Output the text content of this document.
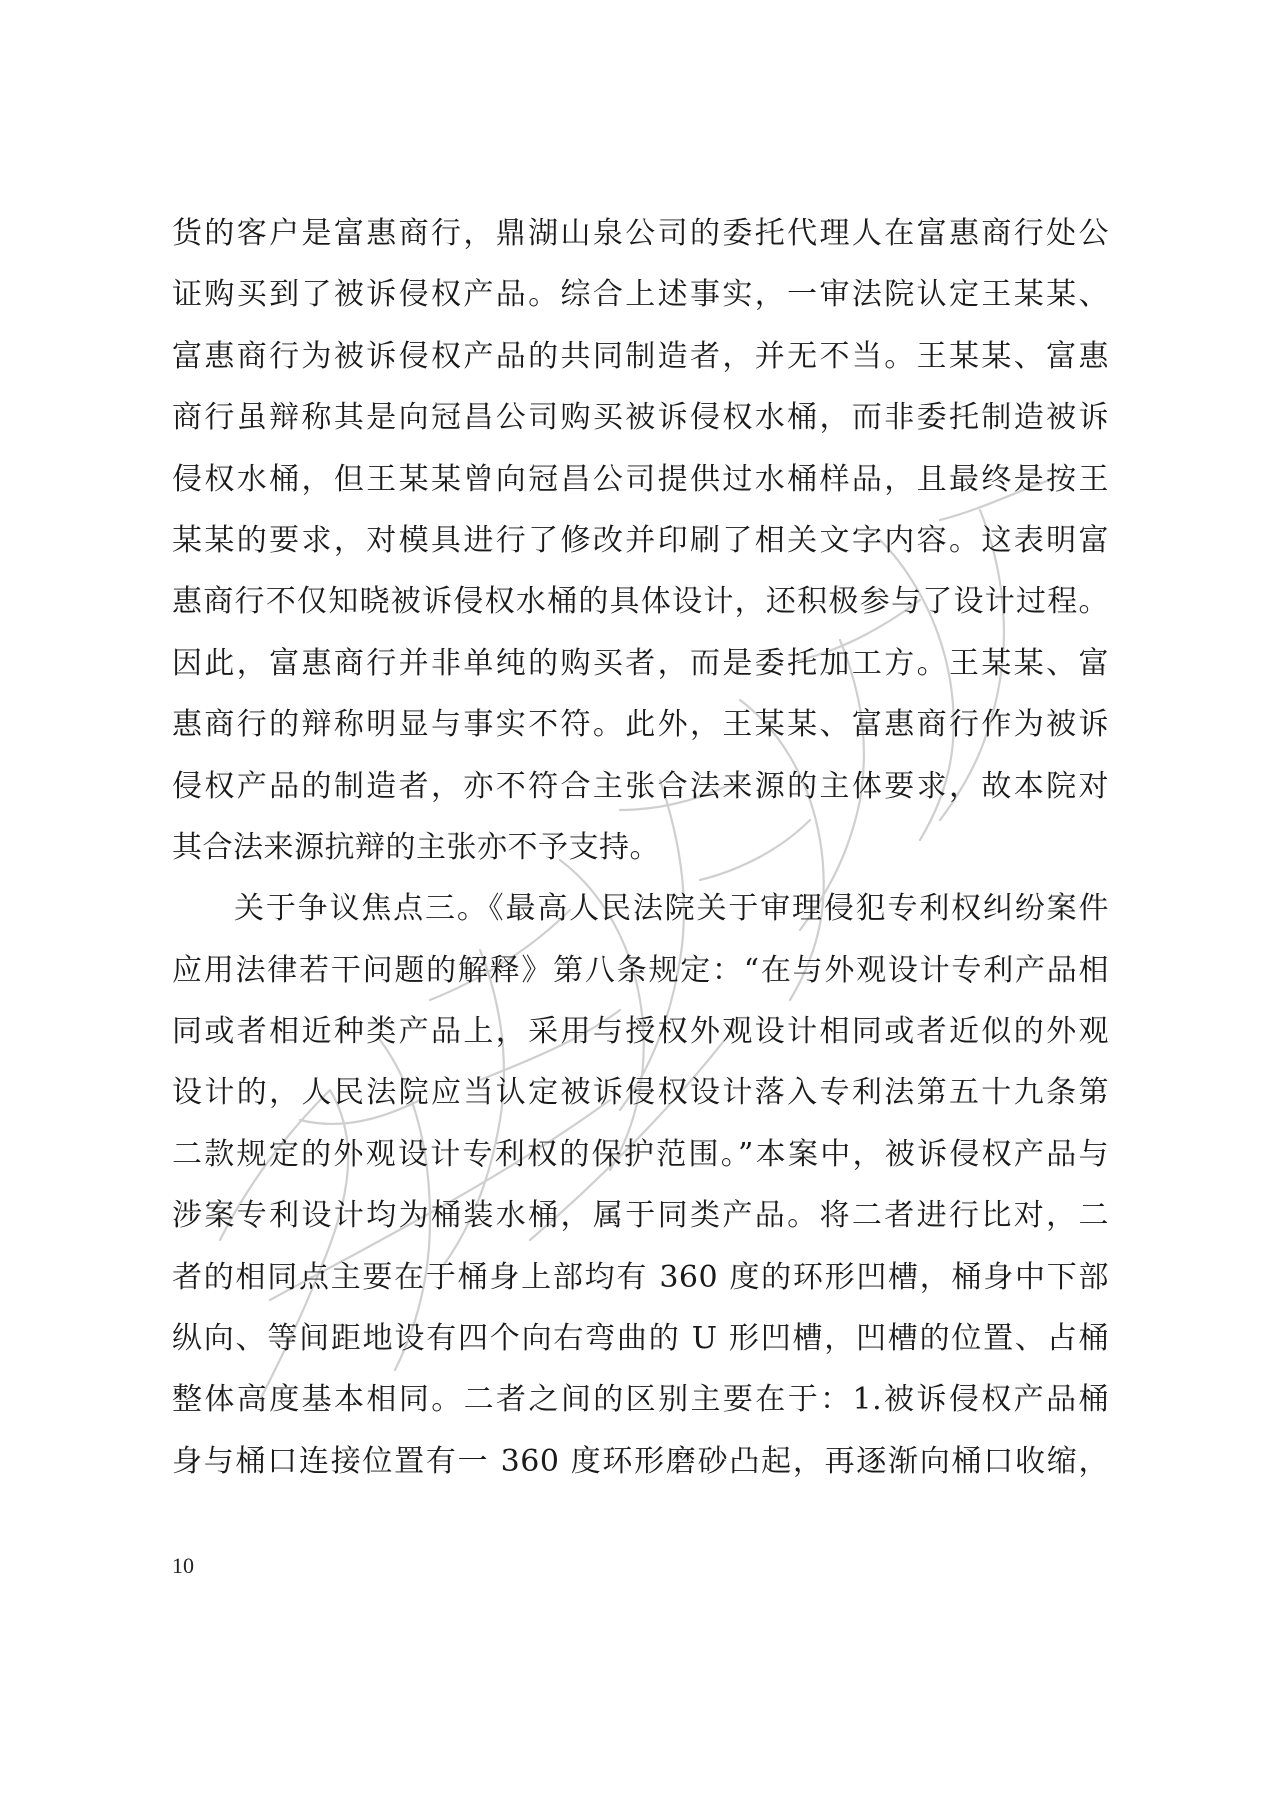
货的客户是富惠商行，鼎湖山泉公司的委托代理人在富惠商行处公
证购买到了被诉侵权产品。综合上述事实，一审法院认定王某某、
富惠商行为被诉侵权产品的共同制造者，并无不当。王某某、富惠
商行虽辩称其是向冠昌公司购买被诉侵权水桶，而非委托制造被诉
侵权水桶，但王某某曾向冠昌公司提供过水桶样品，且最终是按王
某某的要求，对模具进行了修改并印刷了相关文字内容。这表明富
惠商行不仅知晓被诉侵权水桶的具体设计，还积极参与了设计过程。
因此，富惠商行并非单纯的购买者，而是委托加工方。王某某、富
惠商行的辩称明显与事实不符。此外，王某某、富惠商行作为被诉
侵权产品的制造者，亦不符合主张合法来源的主体要求，故本院对
其合法来源抗辩的主张亦不予支持。
关于争议焦点三。《最高人民法院关于审理侵犯专利权纠纷案件
应用法律若干问题的解释》第八条规定：“在与外观设计专利产品相
同或者相近种类产品上，采用与授权外观设计相同或者近似的外观
设计的，人民法院应当认定被诉侵权设计落入专利法第五十九条第
二款规定的外观设计专利权的保护范围。”本案中，被诉侵权产品与
涉案专利设计均为桶装水桶，属于同类产品。将二者进行比对，二
者的相同点主要在于桶身上部均有 360 度的环形凹槽，桶身中下部
纵向、等间距地设有四个向右弯曲的 U 形凹槽，凹槽的位置、占桶
整体高度基本相同。二者之间的区别主要在于：1.被诉侵权产品桶
身与桶口连接位置有一 360 度环形磨砂凸起，再逐渐向桶口收缩，
10
